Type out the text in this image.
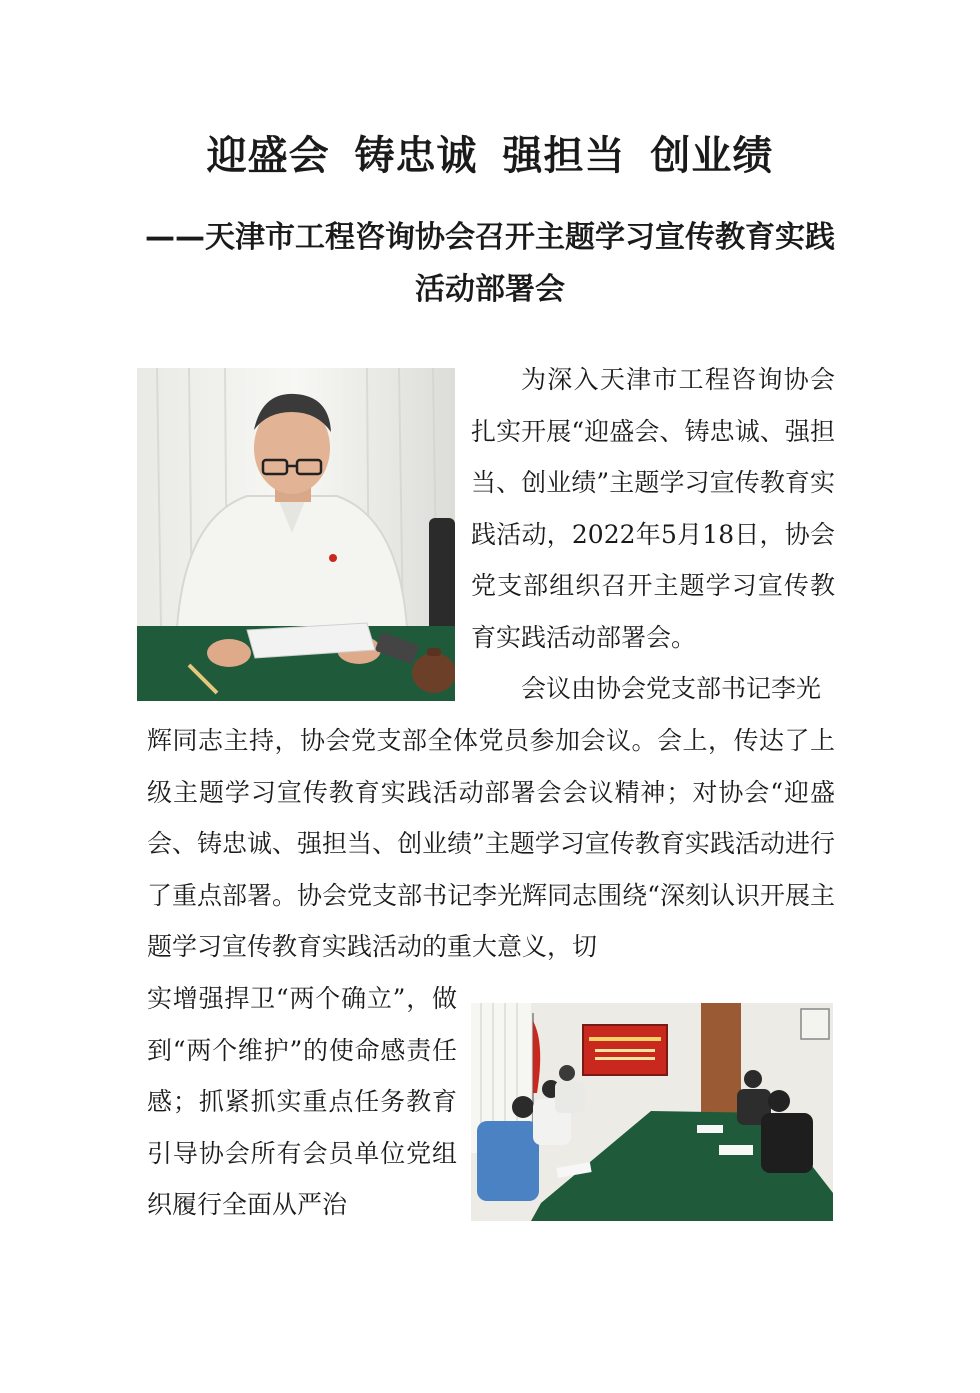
迎盛会 铸忠诚 强担当 创业绩
——天津市工程咨询协会召开主题学习宣传教育实践活动部署会

为深入天津市工程咨询协会扎实开展“迎盛会、铸忠诚、强担当、创业绩”主题学习宣传教育实践活动，2022年5月18日，协会党支部组织召开主题学习宣传教育实践活动部署会。

会议由协会党支部书记李光

辉同志主持，协会党支部全体党员参加会议。会上，传达了上级主题学习宣传教育实践活动部署会会议精神；对协会“迎盛会、铸忠诚、强担当、创业绩”主题学习宣传教育实践活动进行了重点部署。协会党支部书记李光辉同志围绕“深刻认识开展主题学习宣传教育实践活动的重大意义，切

实增强捍卫“两个确立”，做到“两个维护”的使命感责任感；抓紧抓实重点任务教育引导协会所有会员单位党组织履行全面从严治
